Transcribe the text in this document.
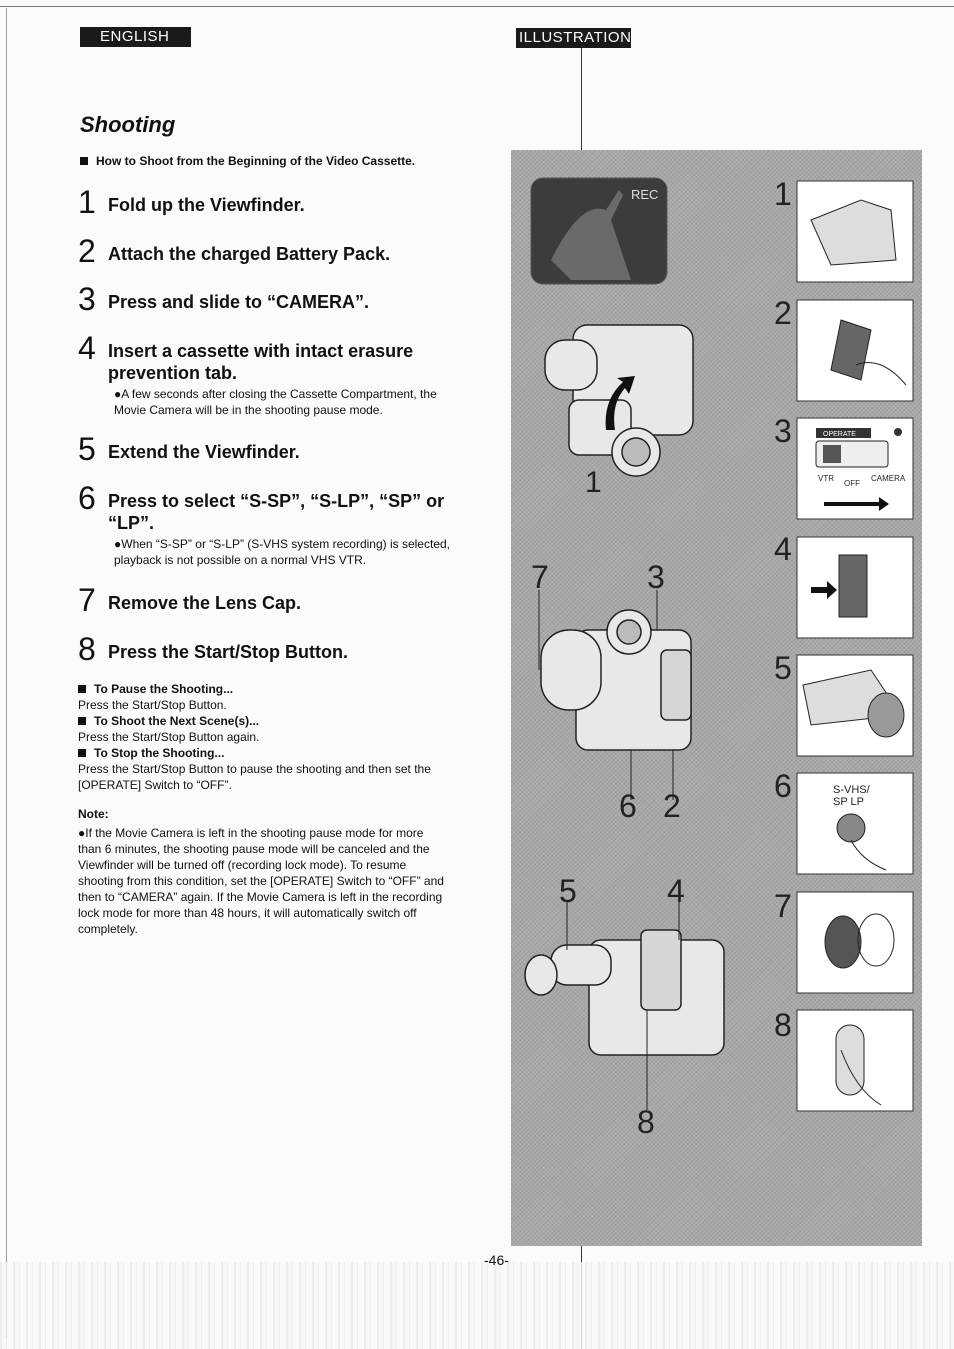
ENGLISH	ILLUSTRATION
Shooting
How to Shoot from the Beginning of the Video Cassette.
1 Fold up the Viewfinder.
2 Attach the charged Battery Pack.
3 Press and slide to “CAMERA”.
4 Insert a cassette with intact erasure prevention tab.
●A few seconds after closing the Cassette Compartment, the Movie Camera will be in the shooting pause mode.
5 Extend the Viewfinder.
6 Press to select “S-SP”, “S-LP”, “SP” or “LP”.
●When “S-SP” or “S-LP” (S-VHS system recording) is selected, playback is not possible on a normal VHS VTR.
7 Remove the Lens Cap.
8 Press the Start/Stop Button.
To Pause the Shooting...
Press the Start/Stop Button.
To Shoot the Next Scene(s)...
Press the Start/Stop Button again.
To Stop the Shooting...
Press the Start/Stop Button to pause the shooting and then set the [OPERATE] Switch to “OFF”.
Note:
●If the Movie Camera is left in the shooting pause mode for more than 6 minutes, the shooting pause mode will be canceled and the Viewfinder will be turned off (recording lock mode). To resume shooting from this condition, set the [OPERATE] Switch to “OFF” and then to “CAMERA” again. If the Movie Camera is left in the recording lock mode for more than 48 hours, it will automatically switch off completely.
-46-
REC
1
7	3
6 2
5	4
8
1
2
3	OPERATE
VTR
OFF
CAMERA
4
5
6	S-VHS/
SP LP
7
8
